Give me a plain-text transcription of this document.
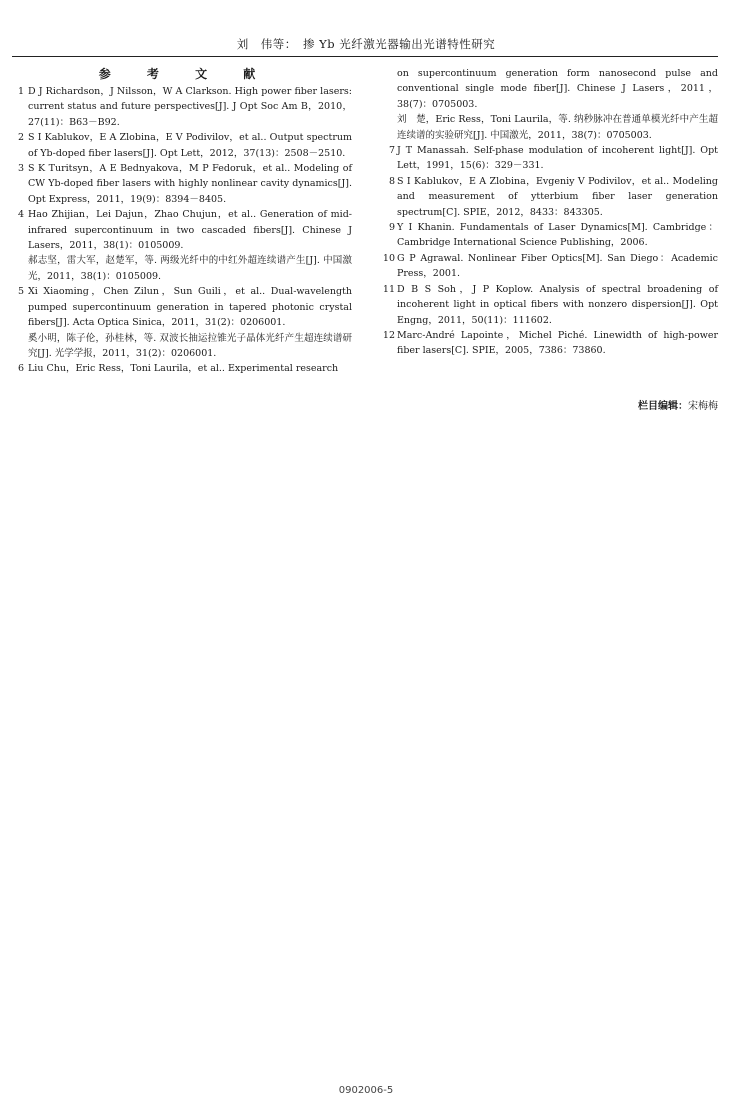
刘　伟等：　掺 Yb 光纤激光器输出光谱特性研究
参 考 文 献
1 D J Richardson，J Nilsson，W A Clarkson. High power fiber lasers: current status and future perspectives[J]. J Opt Soc Am B，2010，27(11)：B63－B92.
2 S I Kablukov，E A Zlobina，E V Podivilov，et al.. Output spectrum of Yb-doped fiber lasers[J]. Opt Lett，2012，37(13)：2508－2510.
3 S K Turitsyn，A E Bednyakova，M P Fedoruk，et al.. Modeling of CW Yb-doped fiber lasers with highly nonlinear cavity dynamics[J]. Opt Express，2011，19(9)：8394－8405.
4 Hao Zhijian，Lei Dajun，Zhao Chujun，et al.. Generation of mid-infrared supercontinuum in two cascaded fibers[J]. Chinese J Lasers，2011，38(1)：0105009.
郝志坚，雷大军，赵楚军，等. 两级光纤中的中红外超连续谱产生[J]. 中国激光，2011，38(1)：0105009.
5 Xi Xiaoming，Chen Zilun，Sun Guili，et al.. Dual-wavelength pumped supercontinuum generation in tapered photonic crystal fibers[J]. Acta Optica Sinica，2011，31(2)：0206001.
奚小明，陈子伦，孙桂林，等. 双波长抽运拉锥光子晶体光纤产生超连续谱研究[J]. 光学学报，2011，31(2)：0206001.
6 Liu Chu，Eric Ress，Toni Laurila，et al.. Experimental research
on supercontinuum generation form nanosecond pulse and conventional single mode fiber[J]. Chinese J Lasers，2011，38(7)：0705003.
刘　楚，Eric Ress，Toni Laurila，等. 纳秒脉冲在普通单模光纤中产生超连续谱的实验研究[J]. 中国激光，2011，38(7)：0705003.
7 J T Manassah. Self-phase modulation of incoherent light[J]. Opt Lett，1991，15(6)：329－331.
8 S I Kablukov，E A Zlobina，Evgeniy V Podivilov，et al.. Modeling and measurement of ytterbium fiber laser generation spectrum[C]. SPIE，2012，8433：843305.
9 Y I Khanin. Fundamentals of Laser Dynamics[M]. Cambridge：Cambridge International Science Publishing，2006.
10 G P Agrawal. Nonlinear Fiber Optics[M]. San Diego：Academic Press，2001.
11 D B S Soh，J P Koplow. Analysis of spectral broadening of incoherent light in optical fibers with nonzero dispersion[J]. Opt Engng，2011，50(11)：111602.
12 Marc-André Lapointe，Michel Piché. Linewidth of high-power fiber lasers[C]. SPIE，2005，7386：73860.
栏目编辑：宋梅梅
0902006-5
